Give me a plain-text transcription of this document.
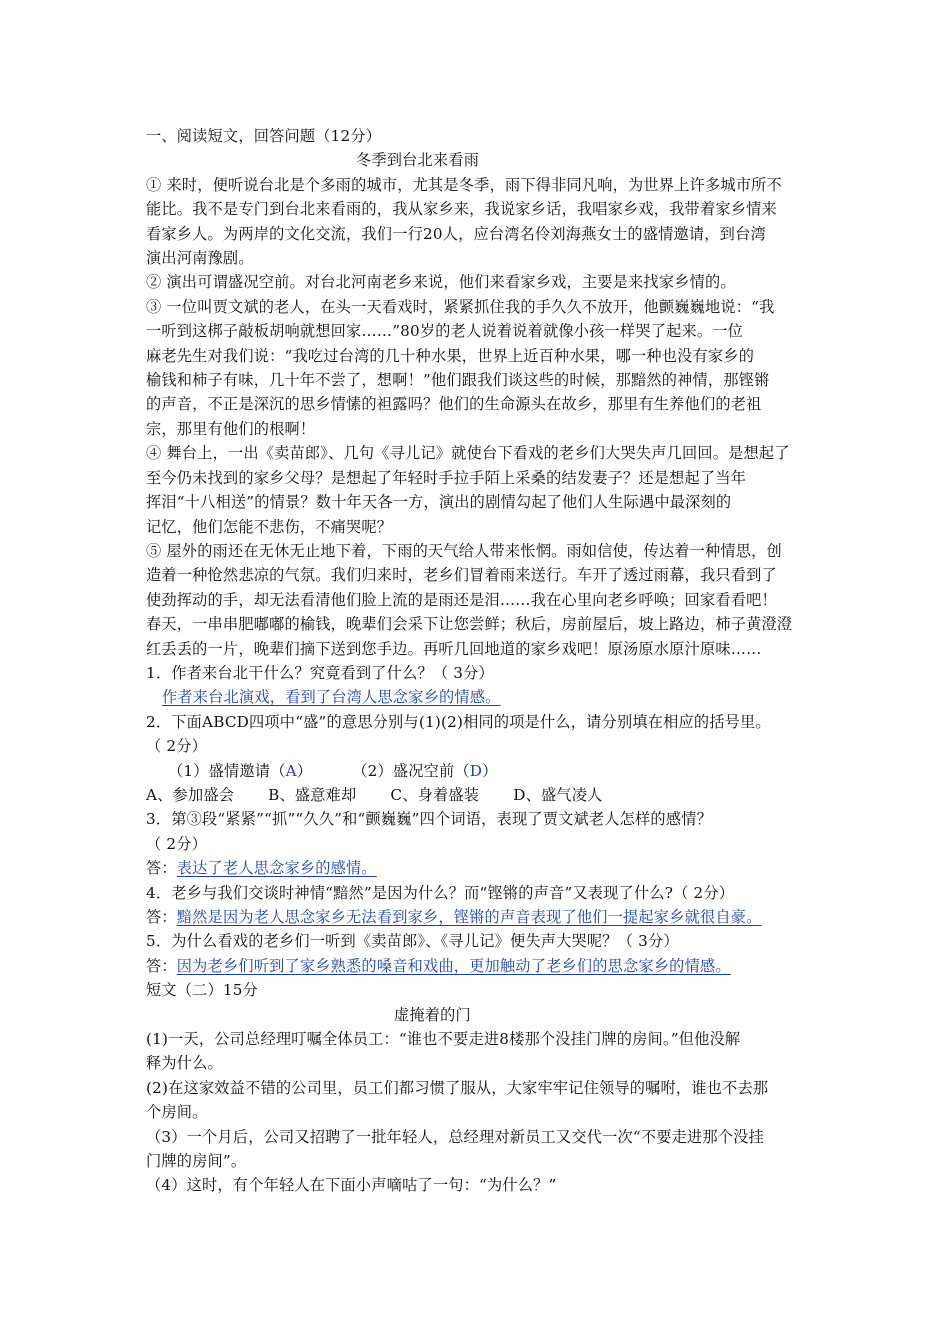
一、阅读短文，回答问题（12分）
冬季到台北来看雨
① 来时，便听说台北是个多雨的城市，尤其是冬季，雨下得非同凡响，为世界上许多城市所不
能比。我不是专门到台北来看雨的，我从家乡来，我说家乡话，我唱家乡戏，我带着家乡情来
看家乡人。为两岸的文化交流，我们一行20人，应台湾名伶刘海燕女士的盛情邀请，到台湾
演出河南豫剧。
② 演出可谓盛况空前。对台北河南老乡来说，他们来看家乡戏，主要是来找家乡情的。
③ 一位叫贾文斌的老人，在头一天看戏时，紧紧抓住我的手久久不放开，他颤巍巍地说：“我
一听到这梆子敲板胡响就想回家……”80岁的老人说着说着就像小孩一样哭了起来。一位
麻老先生对我们说：“我吃过台湾的几十种水果，世界上近百种水果，哪一种也没有家乡的
榆钱和柿子有味，几十年不尝了，想啊！”他们跟我们谈这些的时候，那黯然的神情，那铿锵
的声音，不正是深沉的思乡情愫的袒露吗？他们的生命源头在故乡，那里有生养他们的老祖
宗，那里有他们的根啊！
④ 舞台上，一出《卖苗郎》、几句《寻儿记》就使台下看戏的老乡们大哭失声几回回。是想起了
至今仍未找到的家乡父母？是想起了年轻时手拉手陌上采桑的结发妻子？还是想起了当年
挥泪“十八相送”的情景？数十年天各一方，演出的剧情勾起了他们人生际遇中最深刻的
记忆，他们怎能不悲伤，不痛哭呢？
⑤ 屋外的雨还在无休无止地下着，下雨的天气给人带来怅惘。雨如信使，传达着一种情思，创
造着一种怆然悲凉的气氛。我们归来时，老乡们冒着雨来送行。车开了透过雨幕，我只看到了
使劲挥动的手，却无法看清他们脸上流的是雨还是泪……我在心里向老乡呼唤；回家看看吧！
春天，一串串肥嘟嘟的榆钱，晚辈们会采下让您尝鲜；秋后，房前屋后，坡上路边，柿子黄澄澄
红丢丢的一片，晚辈们摘下送到您手边。再听几回地道的家乡戏吧！原汤原水原汁原味……
1．作者来台北干什么？究竟看到了什么？（ 3分）
作者来台北演戏，看到了台湾人思念家乡的情感。
2．下面ABCD四项中“盛”的意思分别与(1)(2)相同的项是什么，请分别填在相应的括号里。
（ 2分）
（1）盛情邀请（A）	（2）盛况空前（D）
A、参加盛会 B、盛意难却 C、身着盛装 D、盛气凌人
3．第③段“紧紧”“抓”“久久”和“颤巍巍”四个词语，表现了贾文斌老人怎样的感情？
（ 2分）
答：表达了老人思念家乡的感情。
4．老乡与我们交谈时神情“黯然”是因为什么？而“铿锵的声音”又表现了什么?（ 2分）
答：黯然是因为老人思念家乡无法看到家乡，铿锵的声音表现了他们一提起家乡就很自豪。
5．为什么看戏的老乡们一听到《卖苗郎》、《寻儿记》便失声大哭呢？（ 3分）
答：因为老乡们听到了家乡熟悉的嗓音和戏曲，更加触动了老乡们的思念家乡的情感。
短文（二）15分
虚掩着的门
(1)一天，公司总经理叮嘱全体员工：“谁也不要走进8楼那个没挂门牌的房间。”但他没解
释为什么。
(2)在这家效益不错的公司里，员工们都习惯了服从，大家牢牢记住领导的嘱咐，谁也不去那
个房间。
（3）一个月后，公司又招聘了一批年轻人，总经理对新员工又交代一次“不要走进那个没挂
门牌的房间”。
（4）这时，有个年轻人在下面小声嘀咕了一句：“为什么？”
